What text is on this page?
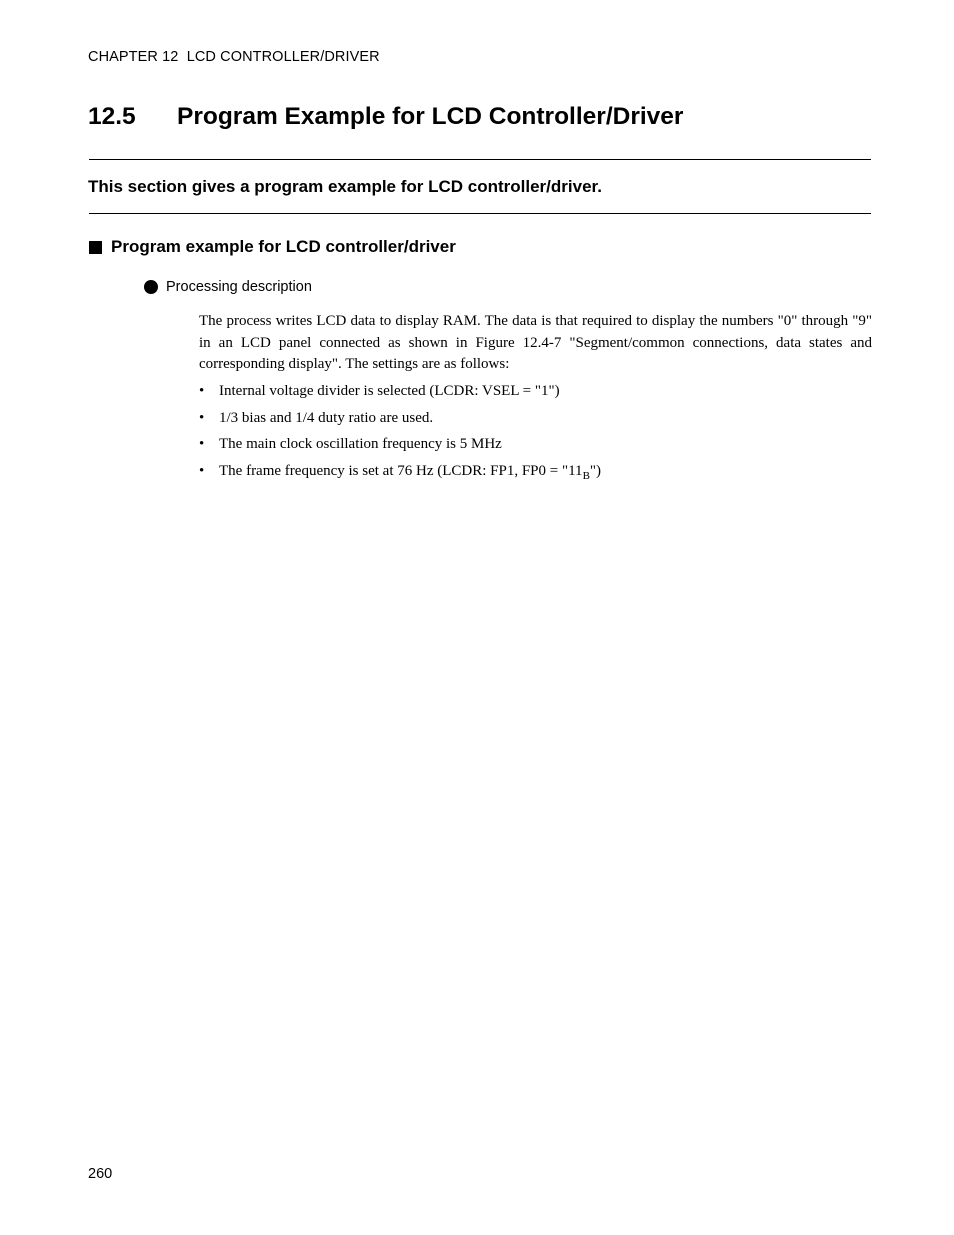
CHAPTER 12  LCD CONTROLLER/DRIVER
12.5 Program Example for LCD Controller/Driver
This section gives a program example for LCD controller/driver.
Program example for LCD controller/driver
Processing description
The process writes LCD data to display RAM. The data is that required to display the numbers "0" through "9" in an LCD panel connected as shown in Figure 12.4-7 "Segment/common connections, data states and corresponding display". The settings are as follows:
• Internal voltage divider is selected (LCDR: VSEL = "1")
• 1/3 bias and 1/4 duty ratio are used.
• The main clock oscillation frequency is 5 MHz
• The frame frequency is set at 76 Hz (LCDR: FP1, $FP0 = "11_B$")
260
